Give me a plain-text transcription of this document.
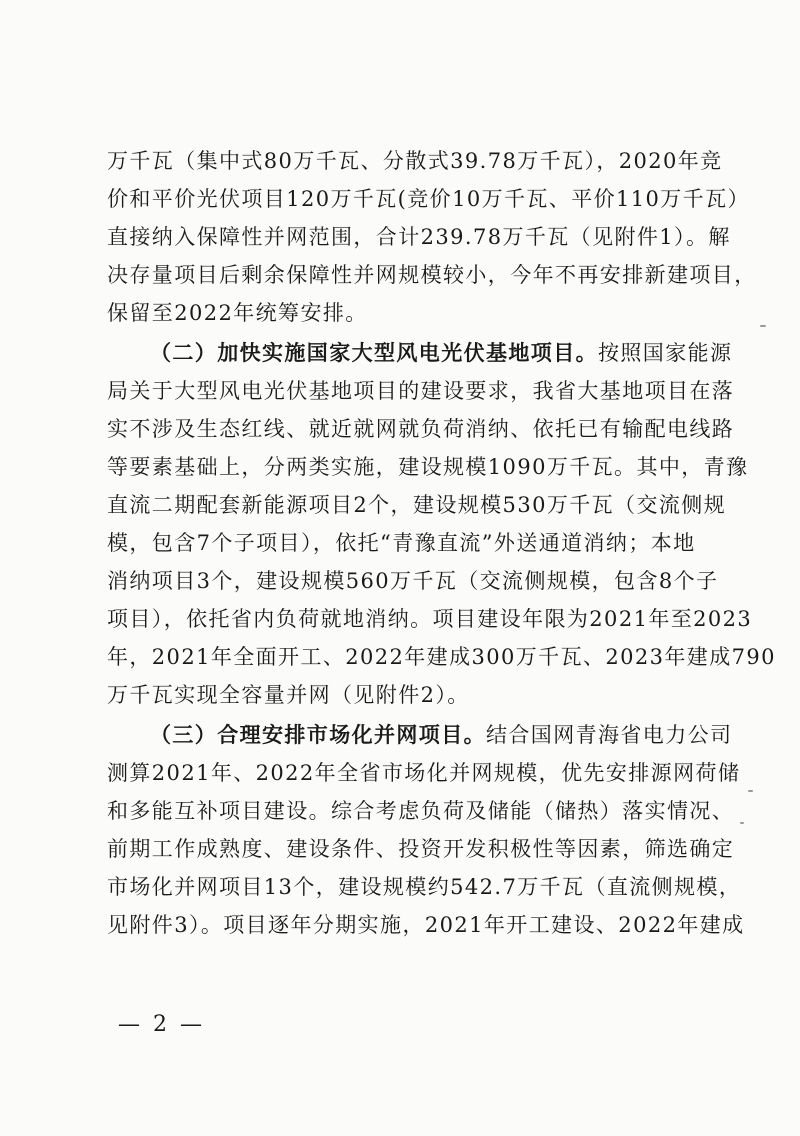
万千瓦（集中式80万千瓦、分散式39.78万千瓦），2020年竞
价和平价光伏项目120万千瓦(竞价10万千瓦、平价110万千瓦）
直接纳入保障性并网范围，合计239.78万千瓦（见附件1）。解
决存量项目后剩余保障性并网规模较小，今年不再安排新建项目，
保留至2022年统筹安排。
（二）加快实施国家大型风电光伏基地项目。按照国家能源
局关于大型风电光伏基地项目的建设要求，我省大基地项目在落
实不涉及生态红线、就近就网就负荷消纳、依托已有输配电线路
等要素基础上，分两类实施，建设规模1090万千瓦。其中，青豫
直流二期配套新能源项目2个，建设规模530万千瓦（交流侧规
模，包含7个子项目），依托“青豫直流”外送通道消纳；本地
消纳项目3个，建设规模560万千瓦（交流侧规模，包含8个子
项目），依托省内负荷就地消纳。项目建设年限为2021年至2023
年，2021年全面开工、2022年建成300万千瓦、2023年建成790
万千瓦实现全容量并网（见附件2）。
（三）合理安排市场化并网项目。结合国网青海省电力公司
测算2021年、2022年全省市场化并网规模，优先安排源网荷储
和多能互补项目建设。综合考虑负荷及储能（储热）落实情况、
前期工作成熟度、建设条件、投资开发积极性等因素，筛选确定
市场化并网项目13个，建设规模约542.7万千瓦（直流侧规模，
见附件3）。项目逐年分期实施，2021年开工建设、2022年建成
— 2 —
